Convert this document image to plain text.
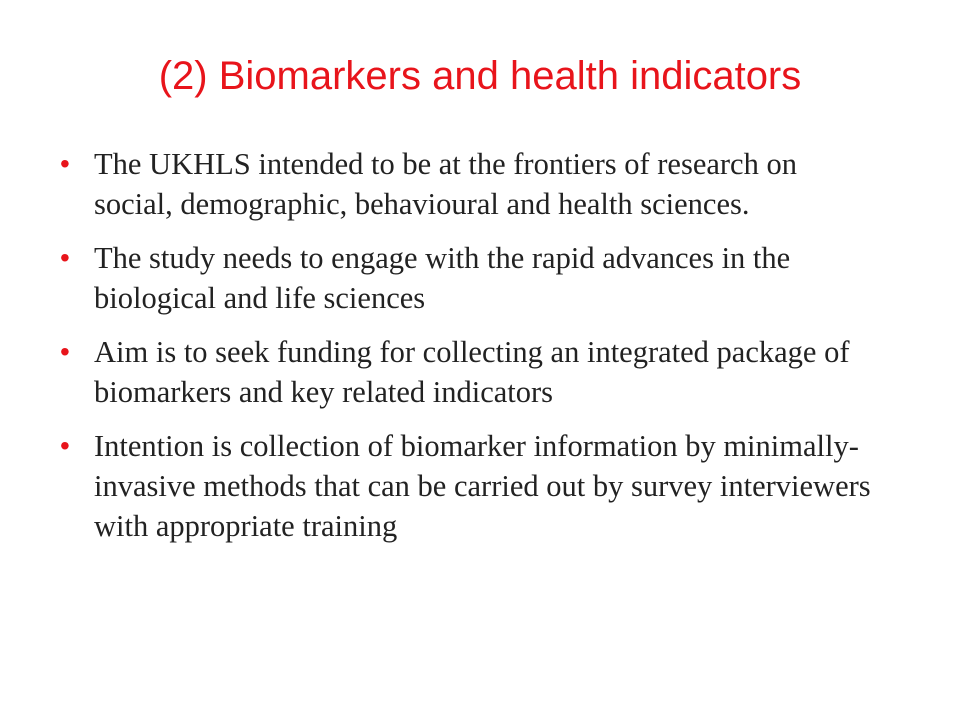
(2) Biomarkers and health indicators
• The UKHLS intended to be at the frontiers of research on social, demographic, behavioural and health sciences.
• The study needs to engage with the rapid advances in the biological and life sciences
• Aim is to seek funding for collecting an integrated package of biomarkers and key related indicators
• Intention is collection of biomarker information by minimally-invasive methods that can be carried out by survey interviewers with appropriate training
